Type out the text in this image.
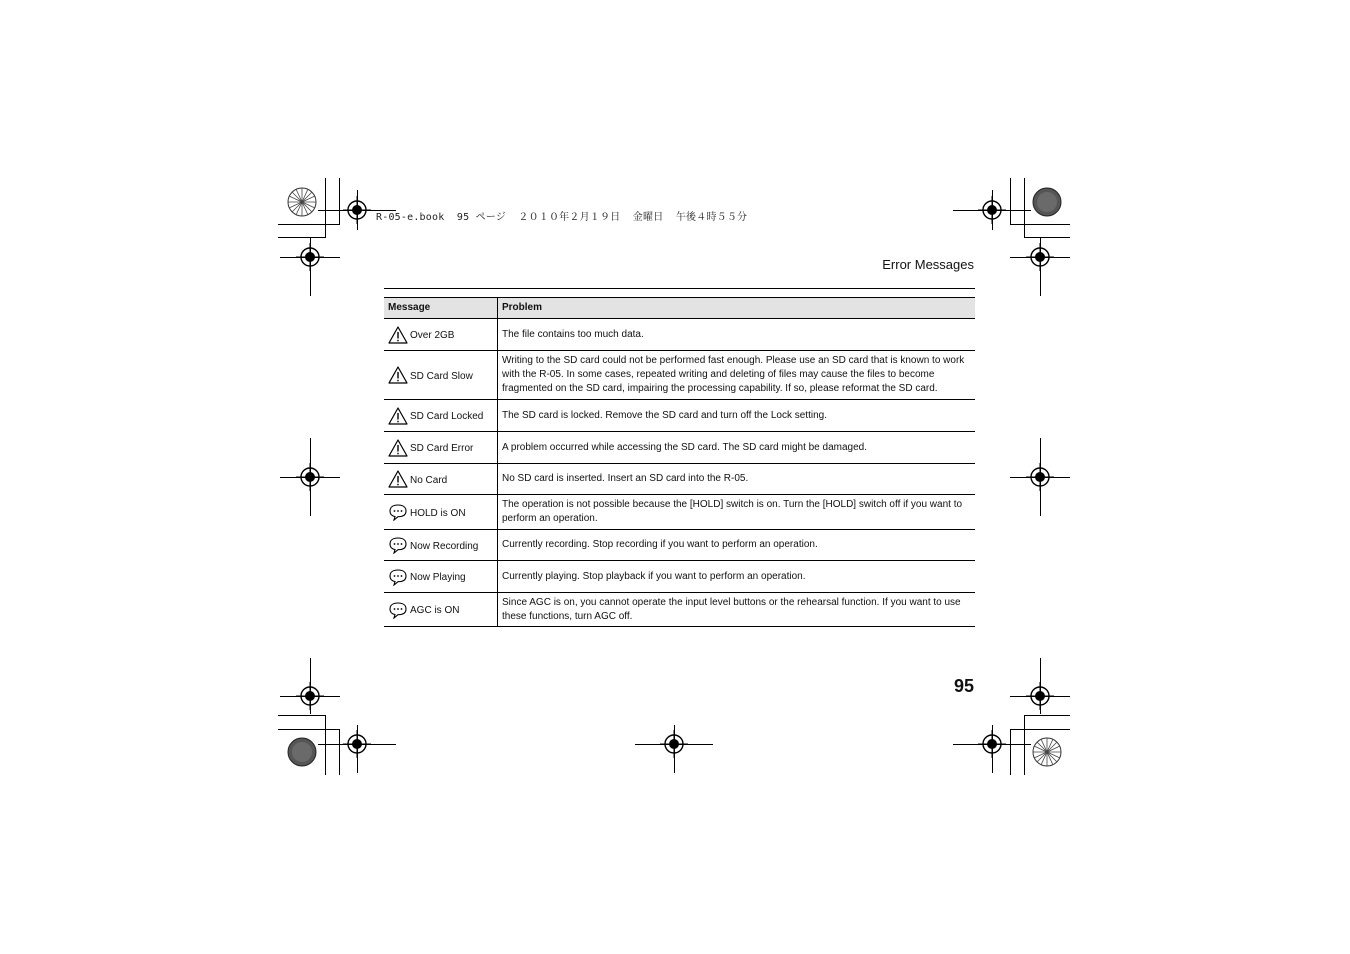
R-05-e.book  95 ページ  ２０１０年２月１９日  金曜日  午後４時５５分
Error Messages
Message	Problem

Over 2GB	The file contains too much data.

SD Card Slow	Writing to the SD card could not be performed fast enough. Please use an SD card that is known to work with the R-05. In some cases, repeated writing and deleting of files may cause the files to become fragmented on the SD card, impairing the processing capability. If so, please reformat the SD card.

SD Card Locked	The SD card is locked. Remove the SD card and turn off the Lock setting.

SD Card Error	A problem occurred while accessing the SD card. The SD card might be damaged.

No Card	No SD card is inserted. Insert an SD card into the R-05.

HOLD is ON	The operation is not possible because the [HOLD] switch is on. Turn the [HOLD] switch off if you want to perform an operation.

Now Recording	Currently recording. Stop recording if you want to perform an operation.

Now Playing	Currently playing. Stop playback if you want to perform an operation.

AGC is ON	Since AGC is on, you cannot operate the input level buttons or the rehearsal function. If you want to use these functions, turn AGC off.
95
